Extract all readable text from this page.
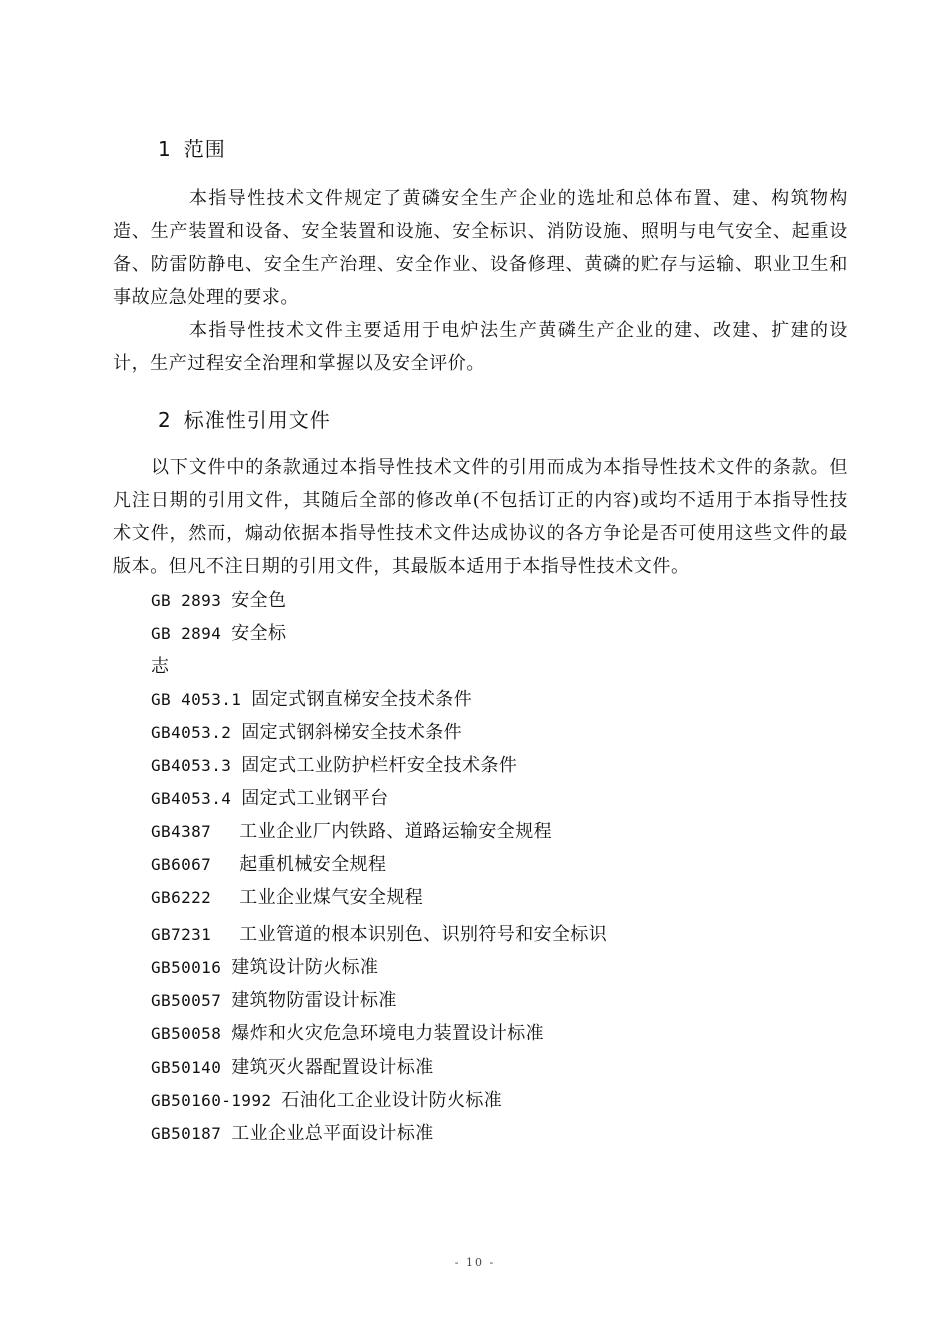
1 范围
本指导性技术文件规定了黄磷安全生产企业的选址和总体布置、建、构筑物构造、生产装置和设备、安全装置和设施、安全标识、消防设施、照明与电气安全、起重设备、防雷防静电、安全生产治理、安全作业、设备修理、黄磷的贮存与运输、职业卫生和事故应急处理的要求。
本指导性技术文件主要适用于电炉法生产黄磷生产企业的建、改建、扩建的设计，生产过程安全治理和掌握以及安全评价。
2 标准性引用文件
以下文件中的条款通过本指导性技术文件的引用而成为本指导性技术文件的条款。但凡注日期的引用文件，其随后全部的修改单(不包括订正的内容)或均不适用于本指导性技术文件，然而，煽动依据本指导性技术文件达成协议的各方争论是否可使用这些文件的最版本。但凡不注日期的引用文件，其最版本适用于本指导性技术文件。
GB 2893 安全色
GB 2894 安全标
志
GB 4053.1 固定式钢直梯安全技术条件
GB4053.2 固定式钢斜梯安全技术条件
GB4053.3 固定式工业防护栏杆安全技术条件
GB4053.4 固定式工业钢平台
GB4387 工业企业厂内铁路、道路运输安全规程
GB6067 起重机械安全规程
GB6222 工业企业煤气安全规程
GB7231 工业管道的根本识别色、识别符号和安全标识
GB50016 建筑设计防火标准
GB50057 建筑物防雷设计标准
GB50058 爆炸和火灾危急环境电力装置设计标准
GB50140 建筑灭火器配置设计标准
GB50160-1992 石油化工企业设计防火标准
GB50187 工业企业总平面设计标准
- 10 -
